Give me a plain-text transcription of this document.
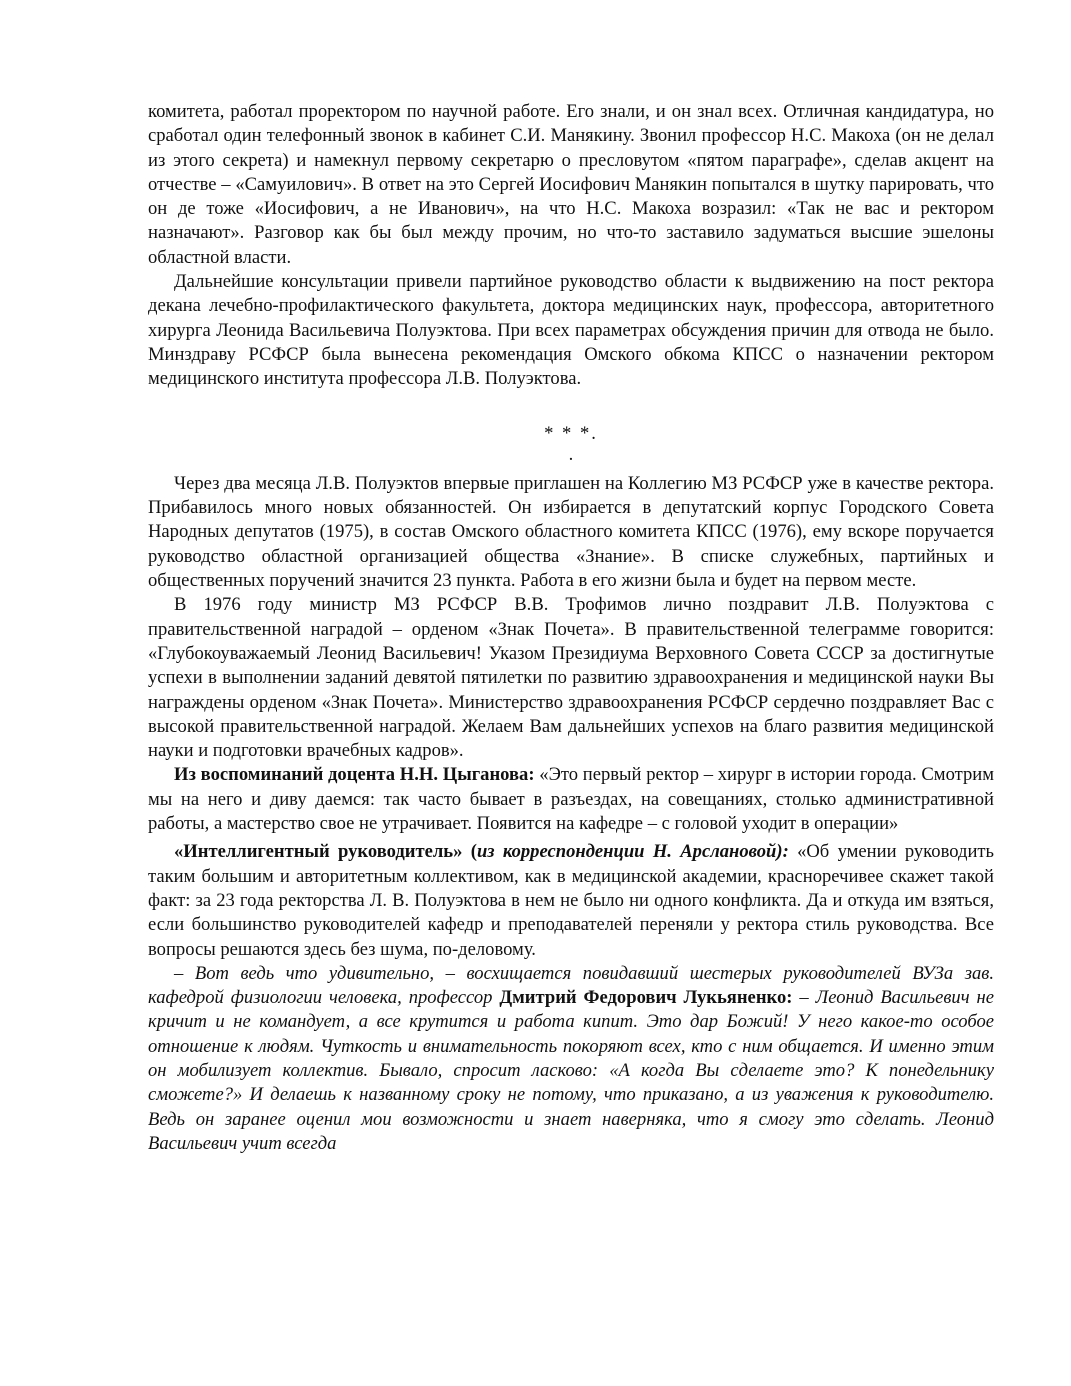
комитета, работал проректором по научной работе. Его знали, и он знал всех. Отличная кандидатура, но сработал один телефонный звонок в кабинет С.И. Манякину. Звонил профессор Н.С. Макоха (он не делал из этого секрета) и намекнул первому секретарю о пресловутом «пятом параграфе», сделав акцент на отчестве – «Самуилович». В ответ на это Сергей Иосифович Манякин попытался в шутку парировать, что он де тоже «Иосифович, а не Иванович», на что Н.С. Макоха возразил: «Так не вас и ректором назначают». Разговор как бы был между прочим, но что-то заставило задуматься высшие эшелоны областной власти.

Дальнейшие консультации привели партийное руководство области к выдвижению на пост ректора декана лечебно-профилактического факультета, доктора медицинских наук, профессора, авторитетного хирурга Леонида Васильевича Полуэктова. При всех параметрах обсуждения причин для отвода не было. Минздраву РСФСР была вынесена рекомендация Омского обкома КПСС о назначении ректором медицинского института профессора Л.В. Полуэктова.

* * *.

.

Через два месяца Л.В. Полуэктов впервые приглашен на Коллегию МЗ РСФСР уже в качестве ректора. Прибавилось много новых обязанностей. Он избирается в депутатский корпус Городского Совета Народных депутатов (1975), в состав Омского областного комитета КПСС (1976), ему вскоре поручается руководство областной организацией общества «Знание». В списке служебных, партийных и общественных поручений значится 23 пункта. Работа в его жизни была и будет на первом месте.

В 1976 году министр МЗ РСФСР В.В. Трофимов лично поздравит Л.В. Полуэктова с правительственной наградой – орденом «Знак Почета». В правительственной телеграмме говорится: «Глубокоуважаемый Леонид Васильевич! Указом Президиума Верховного Совета СССР за достигнутые успехи в выполнении заданий девятой пятилетки по развитию здравоохранения и медицинской науки Вы награждены орденом «Знак Почета». Министерство здравоохранения РСФСР сердечно поздравляет Вас с высокой правительственной наградой. Желаем Вам дальнейших успехов на благо развития медицинской науки и подготовки врачебных кадров».

Из воспоминаний доцента Н.Н. Цыганова: «Это первый ректор – хирург в истории города. Смотрим мы на него и диву даемся: так часто бывает в разъездах, на совещаниях, столько административной работы, а мастерство свое не утрачивает. Появится на кафедре – с головой уходит в операции»

«Интеллигентный руководитель» (из корреспонденции Н. Арслановой): «Об умении руководить таким большим и авторитетным коллективом, как в медицинской академии, красноречивее скажет такой факт: за 23 года ректорства Л. В. Полуэктова в нем не было ни одного конфликта. Да и откуда им взяться, если большинство руководителей кафедр и преподавателей переняли у ректора стиль руководства. Все вопросы решаются здесь без шума, по-деловому.

– Вот ведь что удивительно, – восхищается повидавший шестерых руководителей ВУЗа зав. кафедрой физиологии человека, профессор Дмитрий Федорович Лукьяненко: – Леонид Васильевич не кричит и не командует, а все крутится и работа кипит. Это дар Божий! У него какое-то особое отношение к людям. Чуткость и внимательность покоряют всех, кто с ним общается. И именно этим он мобилизует коллектив. Бывало, спросит ласково: «А когда Вы сделаете это? К понедельнику сможете?» И делаешь к названному сроку не потому, что приказано, а из уважения к руководителю. Ведь он заранее оценил мои возможности и знает наверняка, что я смогу это сделать. Леонид Васильевич учит всегда
